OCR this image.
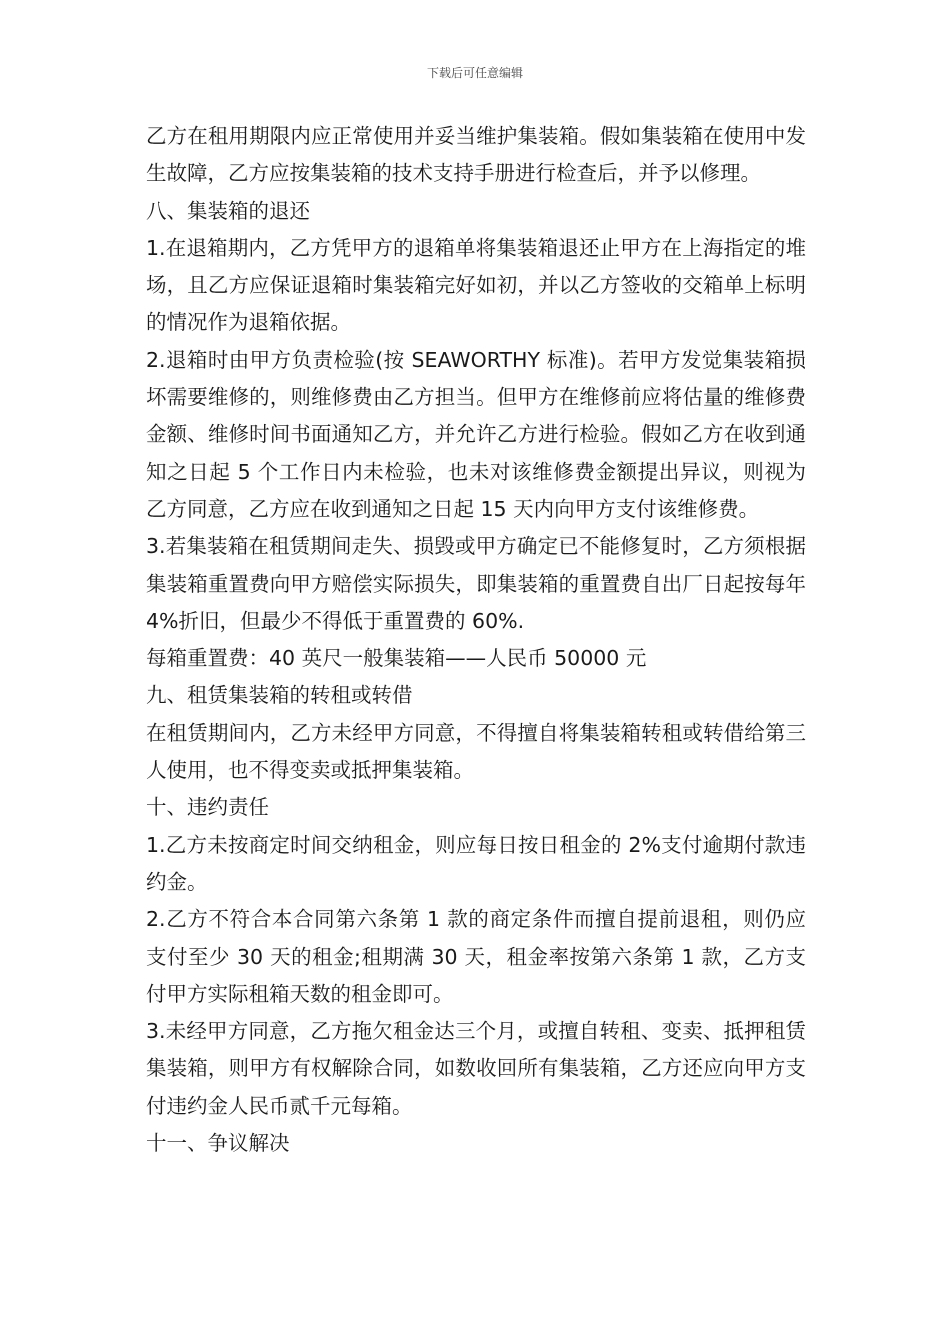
下载后可任意编辑

乙方在租用期限内应正常使用并妥当维护集装箱。假如集装箱在使用中发生故障，乙方应按集装箱的技术支持手册进行检查后，并予以修理。

八、集装箱的退还

1.在退箱期内，乙方凭甲方的退箱单将集装箱退还止甲方在上海指定的堆场，且乙方应保证退箱时集装箱完好如初，并以乙方签收的交箱单上标明的情况作为退箱依据。

2.退箱时由甲方负责检验(按 SEAWORTHY 标准)。若甲方发觉集装箱损坏需要维修的，则维修费由乙方担当。但甲方在维修前应将估量的维修费金额、维修时间书面通知乙方，并允许乙方进行检验。假如乙方在收到通知之日起 5 个工作日内未检验，也未对该维修费金额提出异议，则视为乙方同意，乙方应在收到通知之日起 15 天内向甲方支付该维修费。

3.若集装箱在租赁期间走失、损毁或甲方确定已不能修复时，乙方须根据集装箱重置费向甲方赔偿实际损失，即集装箱的重置费自出厂日起按每年 4%折旧，但最少不得低于重置费的 60%.

每箱重置费：40 英尺一般集装箱——人民币 50000 元

九、租赁集装箱的转租或转借

在租赁期间内，乙方未经甲方同意，不得擅自将集装箱转租或转借给第三人使用，也不得变卖或抵押集装箱。

十、违约责任

1.乙方未按商定时间交纳租金，则应每日按日租金的 2%支付逾期付款违约金。

2.乙方不符合本合同第六条第 1 款的商定条件而擅自提前退租，则仍应支付至少 30 天的租金;租期满 30 天，租金率按第六条第 1 款，乙方支付甲方实际租箱天数的租金即可。

3.未经甲方同意，乙方拖欠租金达三个月，或擅自转租、变卖、抵押租赁集装箱，则甲方有权解除合同，如数收回所有集装箱，乙方还应向甲方支付违约金人民币贰千元每箱。

十一、争议解决
